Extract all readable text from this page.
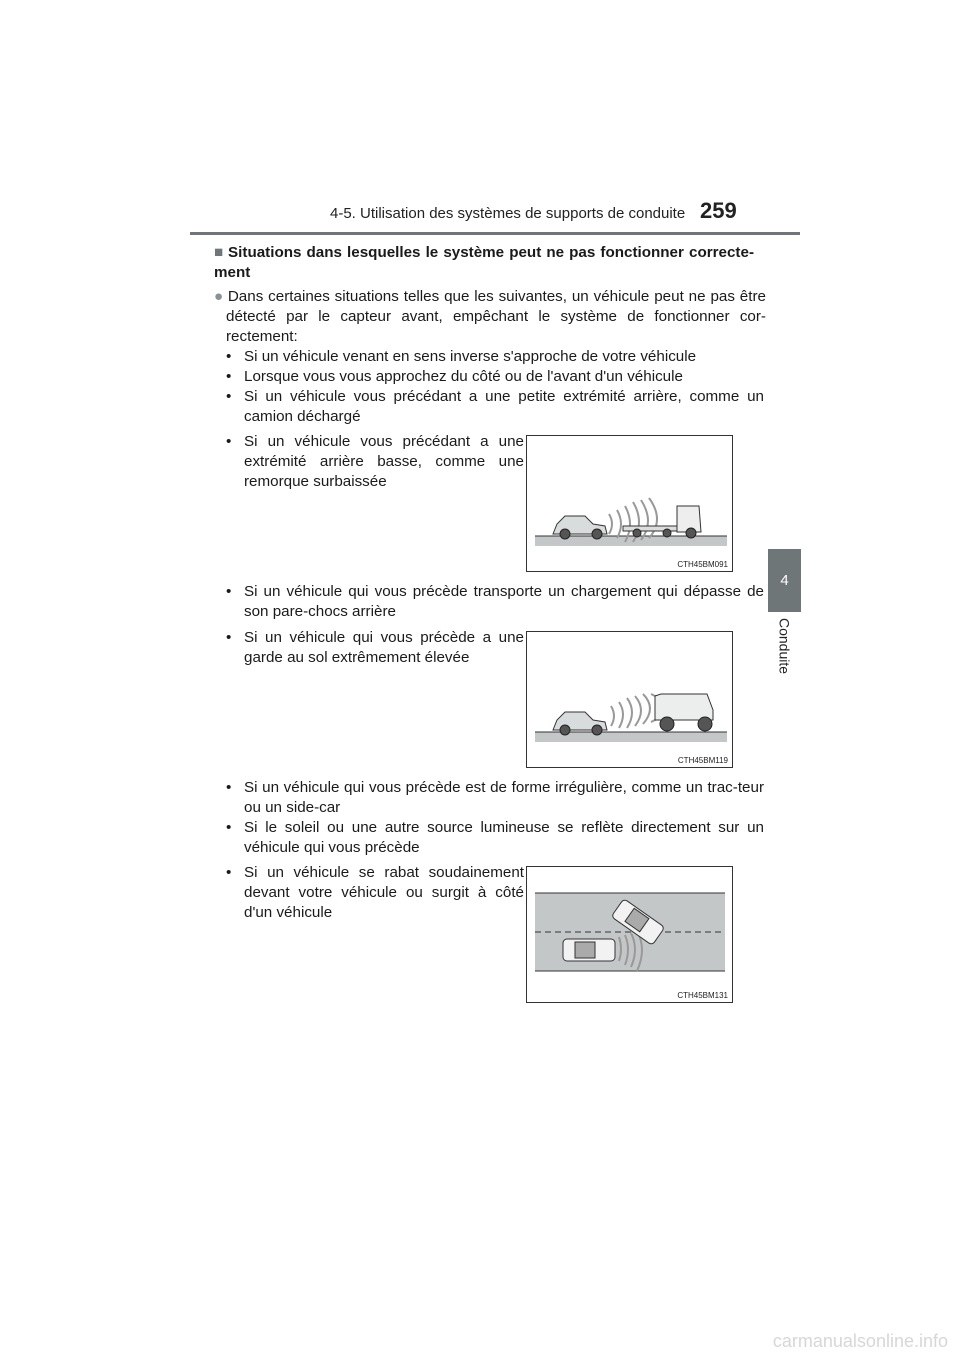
4-5. Utilisation des systèmes de supports de conduite 259
4
Conduite
■ Situations dans lesquelles le système peut ne pas fonctionner correcte-ment
● Dans certaines situations telles que les suivantes, un véhicule peut ne pas être détecté par le capteur avant, empêchant le système de fonctionner cor-rectement:
• Si un véhicule venant en sens inverse s'approche de votre véhicule
• Lorsque vous vous approchez du côté ou de l'avant d'un véhicule
• Si un véhicule vous précédant a une petite extrémité arrière, comme un camion déchargé
• Si un véhicule vous précédant a une extrémité arrière basse, comme une remorque surbaissée
CTH45BM091
• Si un véhicule qui vous précède transporte un chargement qui dépasse de son pare-chocs arrière
• Si un véhicule qui vous précède a une garde au sol extrêmement élevée
CTH45BM119
• Si un véhicule qui vous précède est de forme irrégulière, comme un trac-teur ou un side-car
• Si le soleil ou une autre source lumineuse se reflète directement sur un véhicule qui vous précède
• Si un véhicule se rabat soudainement devant votre véhicule ou surgit à côté d'un véhicule
CTH45BM131
carmanualsonline.info
